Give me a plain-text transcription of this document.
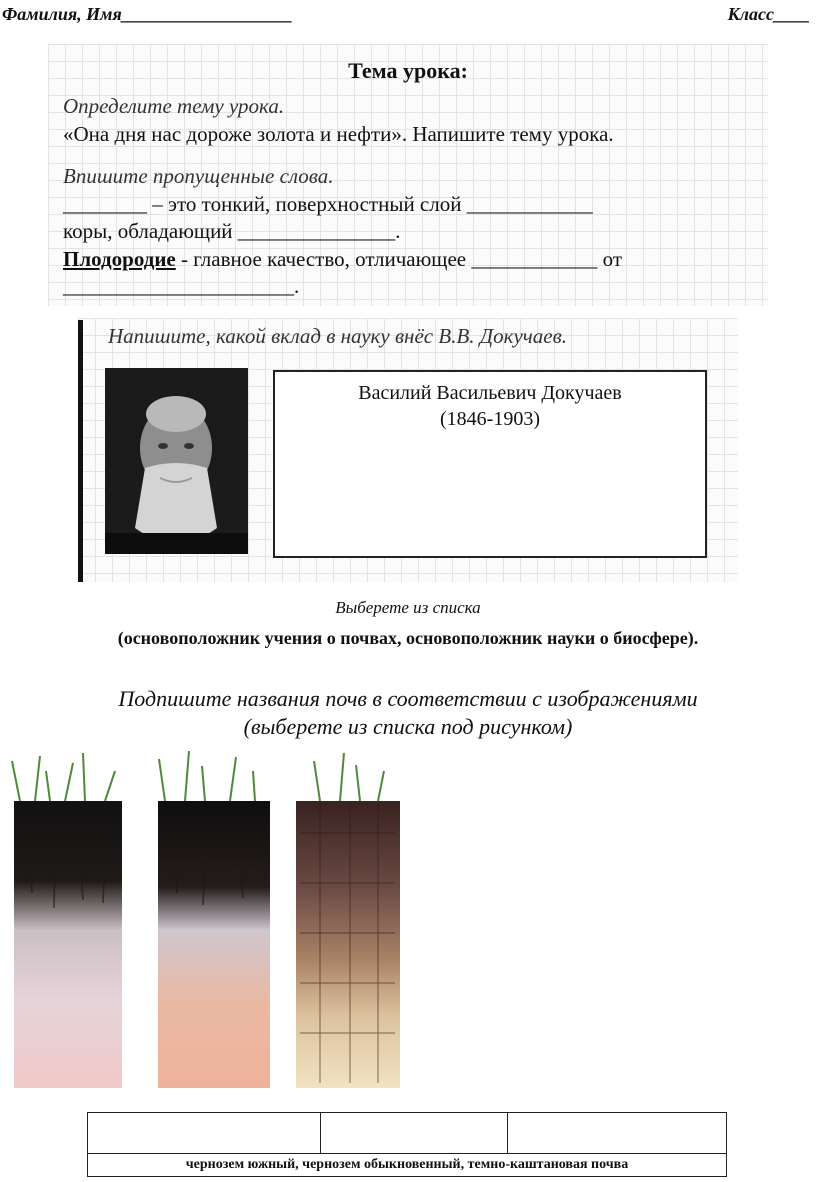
Фамилия, Имя___________________	Класс____
Тема урока:
Определите тему урока.
«Она дня нас дороже золота и нефти». Напишите тему урока.
Впишите пропущенные слова.
________ – это тонкий, поверхностный слой ____________
коры, обладающий _______________.
Плодородие - главное качество, отличающее ____________ от
______________________.
Напишите, какой вклад в науку внёс В.В. Докучаев.
Василий Васильевич Докучаев
(1846-1903)
Выберете из списка
(основоположник учения о почвах, основоположник науки о биосфере).
Подпишите названия почв в соответствии с изображениями
(выберете из списка под рисунком)

чернозем южный, чернозем обыкновенный, темно-каштановая почва
